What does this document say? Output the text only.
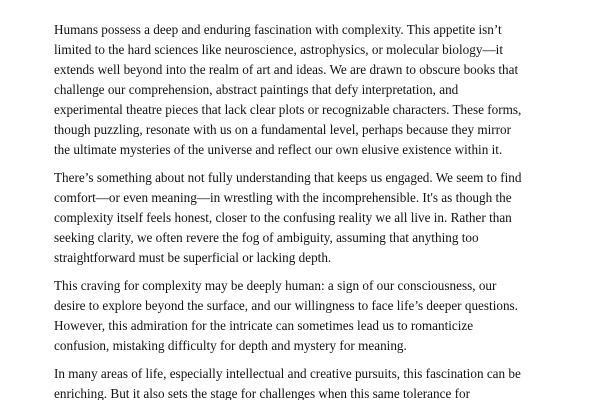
Humans possess a deep and enduring fascination with complexity. This appetite isn’t
limited to the hard sciences like neuroscience, astrophysics, or molecular biology—it
extends well beyond into the realm of art and ideas. We are drawn to obscure books that
challenge our comprehension, abstract paintings that defy interpretation, and
experimental theatre pieces that lack clear plots or recognizable characters. These forms,
though puzzling, resonate with us on a fundamental level, perhaps because they mirror
the ultimate mysteries of the universe and reflect our own elusive existence within it.

There’s something about not fully understanding that keeps us engaged. We seem to find
comfort—or even meaning—in wrestling with the incomprehensible. It's as though the
complexity itself feels honest, closer to the confusing reality we all live in. Rather than
seeking clarity, we often revere the fog of ambiguity, assuming that anything too
straightforward must be superficial or lacking depth.

This craving for complexity may be deeply human: a sign of our consciousness, our
desire to explore beyond the surface, and our willingness to face life’s deeper questions.
However, this admiration for the intricate can sometimes lead us to romanticize
confusion, mistaking difficulty for depth and mystery for meaning.

In many areas of life, especially intellectual and creative pursuits, this fascination can be
enriching. But it also sets the stage for challenges when this same tolerance for
